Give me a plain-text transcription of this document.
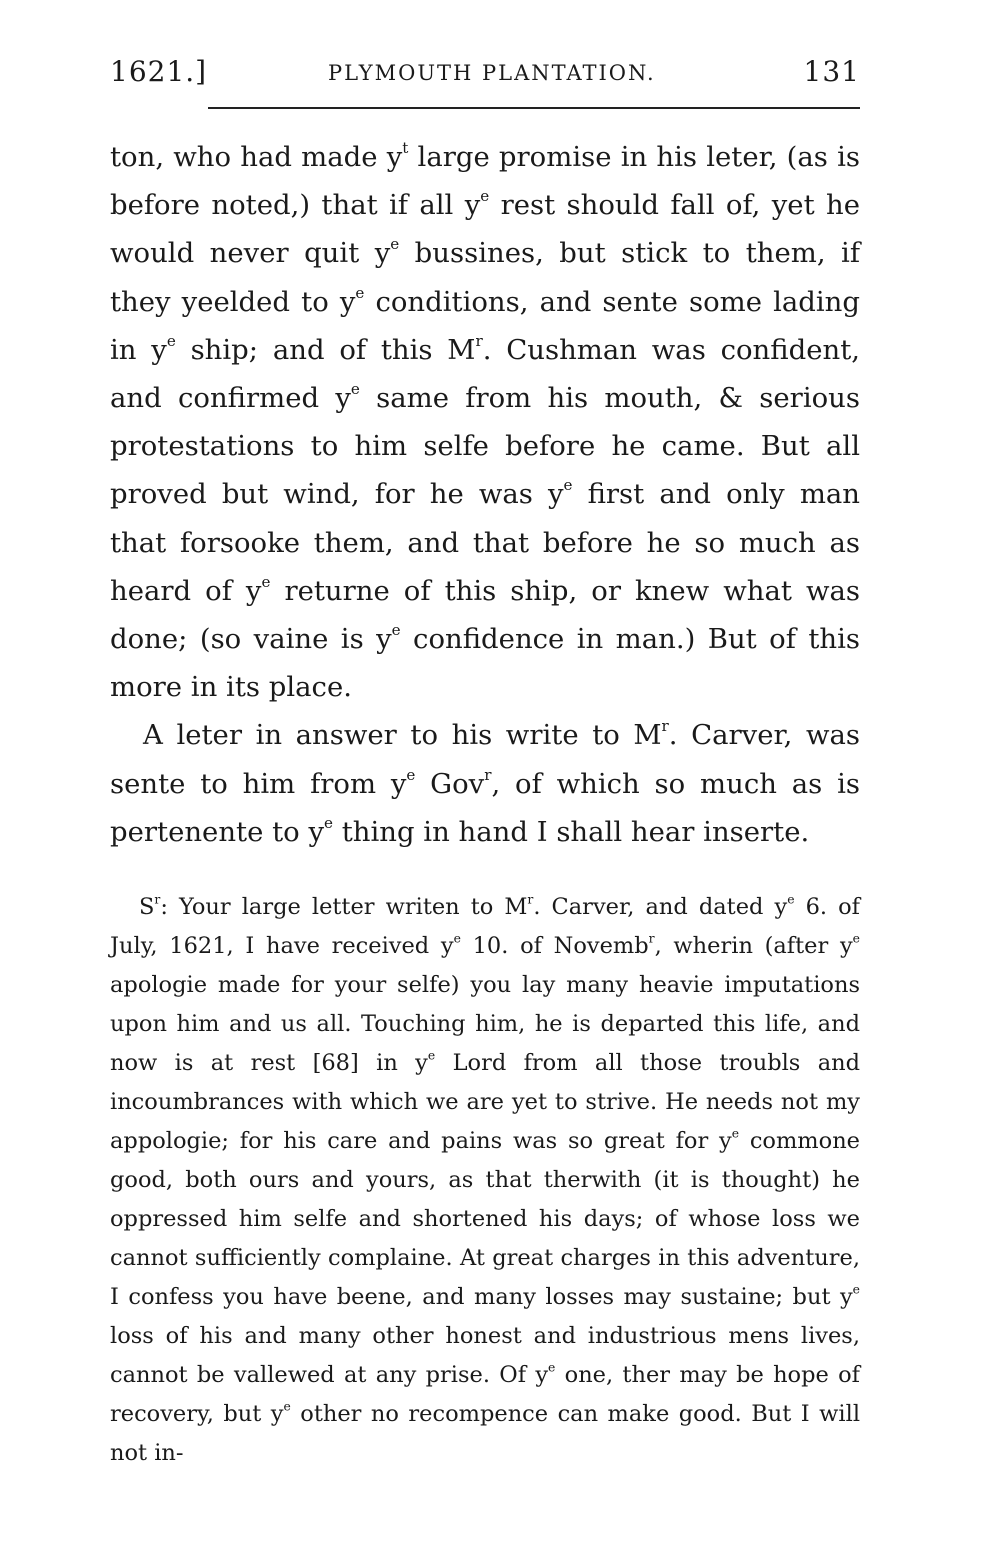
1621.]	PLYMOUTH PLANTATION.	131

ton, who had made $y^t$ large promise in his leter, (as is before noted,) that if all $y^e$ rest should fall of, yet he would never quit $y^e$ bussines, but stick to them, if they yeelded to $y^e$ conditions, and sente some lading in $y^e$ ship; and of this $M^r$. Cushman was confident, and confirmed $y^e$ same from his mouth, & serious protestations to him selfe before he came. But all proved but wind, for he was $y^e$ first and only man that forsooke them, and that before he so much as heard of $y^e$ returne of this ship, or knew what was done; (so vaine is $y^e$ confidence in man.) But of this more in its place.

A leter in answer to his write to $M^r$. Carver, was sente to him from $y^e$ Gov$^r$, of which so much as is pertenente to $y^e$ thing in hand I shall hear inserte.

$S^r$: Your large letter writen to $M^r$. Carver, and dated $y^e$ 6. of July, 1621, I have received $y^e$ 10. of Novemb$^r$, wherin (after $y^e$ apologie made for your selfe) you lay many heavie imputations upon him and us all. Touching him, he is departed this life, and now is at rest [68] in $y^e$ Lord from all those troubls and incoumbrances with which we are yet to strive. He needs not my appologie; for his care and pains was so great for $y^e$ commone good, both ours and yours, as that therwith (it is thought) he oppressed him selfe and shortened his days; of whose loss we cannot sufficiently complaine. At great charges in this adventure, I confess you have beene, and many losses may sustaine; but $y^e$ loss of his and many other honest and industrious mens lives, cannot be vallewed at any prise. Of $y^e$ one, ther may be hope of recovery, but $y^e$ other no recompence can make good. But I will not in-
